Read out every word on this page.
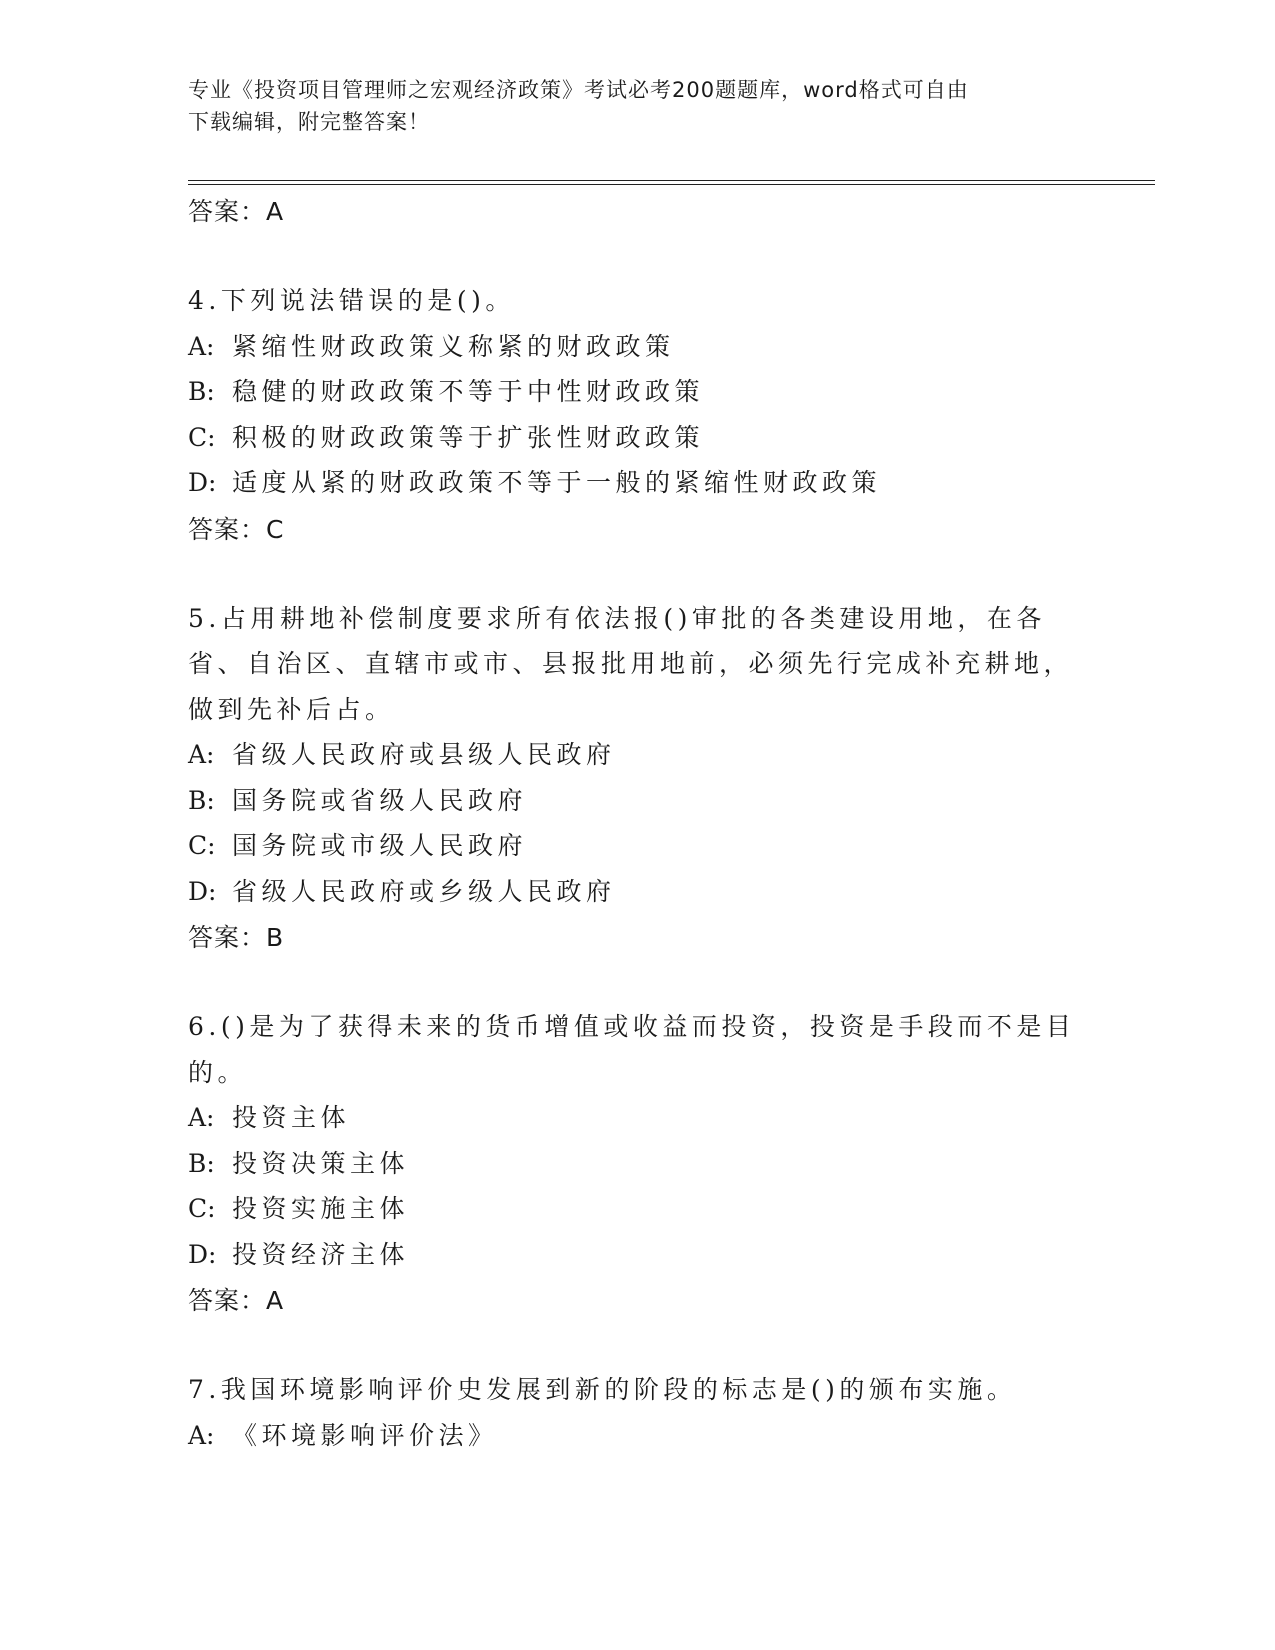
专业《投资项目管理师之宏观经济政策》考试必考200题题库，word格式可自由
下载编辑，附完整答案！
答案：A
4.下列说法错误的是()。
A: 紧缩性财政政策义称紧的财政政策
B: 稳健的财政政策不等于中性财政政策
C: 积极的财政政策等于扩张性财政政策
D: 适度从紧的财政政策不等于一般的紧缩性财政政策
答案：C
5.占用耕地补偿制度要求所有依法报()审批的各类建设用地，在各省、自治区、直辖市或市、县报批用地前，必须先行完成补充耕地，做到先补后占。
A: 省级人民政府或县级人民政府
B: 国务院或省级人民政府
C: 国务院或市级人民政府
D: 省级人民政府或乡级人民政府
答案：B
6.()是为了获得未来的货币增值或收益而投资，投资是手段而不是目的。
A: 投资主体
B: 投资决策主体
C: 投资实施主体
D: 投资经济主体
答案：A
7.我国环境影响评价史发展到新的阶段的标志是()的颁布实施。
A: 《环境影响评价法》
